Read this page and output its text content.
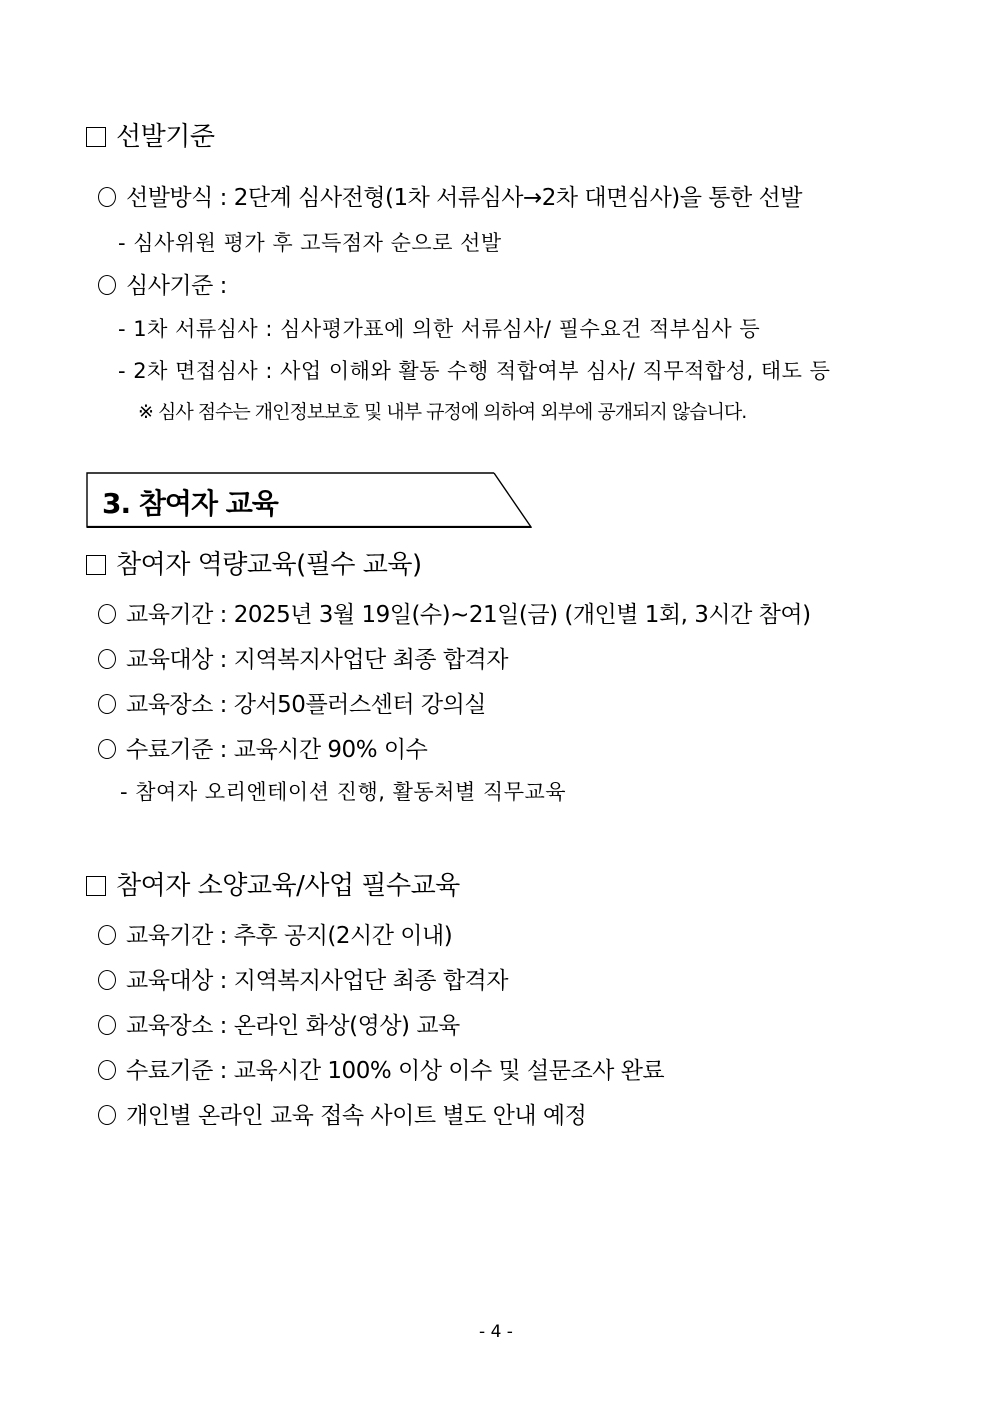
선발기준
선발방식 : 2단계 심사전형(1차 서류심사→2차 대면심사)을 통한 선발
- 심사위원 평가 후 고득점자 순으로 선발
심사기준 :
- 1차 서류심사 : 심사평가표에 의한 서류심사/ 필수요건 적부심사 등
- 2차 면접심사 : 사업 이해와 활동 수행 적합여부 심사/ 직무적합성, 태도 등
※ 심사 점수는 개인정보보호 및 내부 규정에 의하여 외부에 공개되지 않습니다.
3. 참여자 교육
참여자 역량교육(필수 교육)
교육기간 : 2025년 3월 19일(수)~21일(금) (개인별 1회, 3시간 참여)
교육대상 : 지역복지사업단 최종 합격자
교육장소 : 강서50플러스센터 강의실
수료기준 : 교육시간 90% 이수
- 참여자 오리엔테이션 진행, 활동처별 직무교육
참여자 소양교육/사업 필수교육
교육기간 : 추후 공지(2시간 이내)
교육대상 : 지역복지사업단 최종 합격자
교육장소 : 온라인 화상(영상) 교육
수료기준 : 교육시간 100% 이상 이수 및 설문조사 완료
개인별 온라인 교육 접속 사이트 별도 안내 예정
- 4 -
